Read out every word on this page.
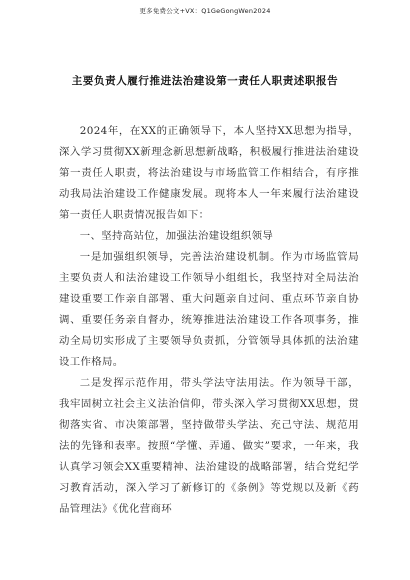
更多免费公文+VX：Q1GeGongWen2024
主要负责人履行推进法治建设第一责任人职责述职报告

2024年，在XX的正确领导下，本人坚持XX思想为指导，深入学习贯彻XX新理念新思想新战略，积极履行推进法治建设第一责任人职责，将法治建设与市场监管工作相结合，有序推动我局法治建设工作健康发展。现将本人一年来履行法治建设第一责任人职责情况报告如下：

一、坚持高站位，加强法治建设组织领导

一是加强组织领导，完善法治建设机制。作为市场监管局主要负责人和法治建设工作领导小组组长，我坚持对全局法治建设重要工作亲自部署、重大问题亲自过问、重点环节亲自协调、重要任务亲自督办，统筹推进法治建设工作各项事务，推动全局切实形成了主要领导负责抓，分管领导具体抓的法治建设工作格局。

二是发挥示范作用，带头学法守法用法。作为领导干部，我牢固树立社会主义法治信仰，带头深入学习贯彻XX思想，贯彻落实省、市决策部署，坚持做带头学法、充己守法、规范用法的先锋和表率。按照“学懂、弄通、做实”要求，一年来，我认真学习领会XX重要精神、法治建设的战略部署，结合党纪学习教育活动，深入学习了新修订的《条例》等党规以及新《药品管理法》《优化营商环
